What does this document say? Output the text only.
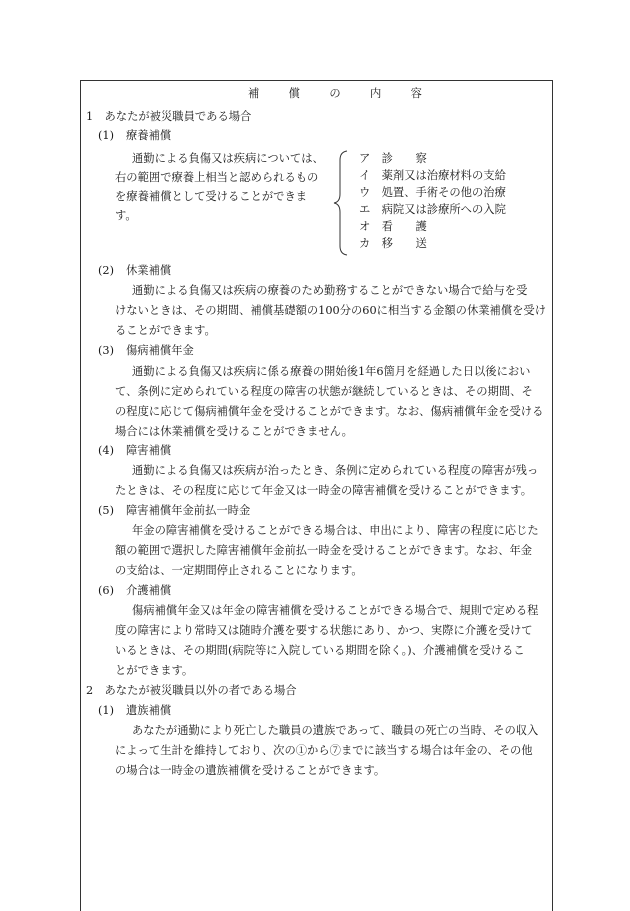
補　　償　　の　　内　　容
1　あなたが被災職員である場合
(1) 療養補償
通勤による負傷又は疾病については、
右の範囲で療養上相当と認められるもの
を療養補償として受けることができま
す。
ア　診　　察
イ　薬剤又は治療材料の支給
ウ　処置、手術その他の治療
エ　病院又は診療所への入院
オ　看　　護
カ　移　　送
(2) 休業補償
通勤による負傷又は疾病の療養のため勤務することができない場合で給与を受
けないときは、その期間、補償基礎額の100分の60に相当する金額の休業補償を受け
ることができます。
(3) 傷病補償年金
通勤による負傷又は疾病に係る療養の開始後1年6箇月を経過した日以後におい
て、条例に定められている程度の障害の状態が継続しているときは、その期間、そ
の程度に応じて傷病補償年金を受けることができます。なお、傷病補償年金を受ける
場合には休業補償を受けることができません。
(4) 障害補償
通勤による負傷又は疾病が治ったとき、条例に定められている程度の障害が残っ
たときは、その程度に応じて年金又は一時金の障害補償を受けることができます。
(5) 障害補償年金前払一時金
年金の障害補償を受けることができる場合は、申出により、障害の程度に応じた
額の範囲で選択した障害補償年金前払一時金を受けることができます。なお、年金
の支給は、一定期間停止されることになります。
(6) 介護補償
傷病補償年金又は年金の障害補償を受けることができる場合で、規則で定める程
度の障害により常時又は随時介護を要する状態にあり、かつ、実際に介護を受けて
いるときは、その期間(病院等に入院している期間を除く。)、介護補償を受けるこ
とができます。
2　あなたが被災職員以外の者である場合
(1) 遺族補償
あなたが通勤により死亡した職員の遺族であって、職員の死亡の当時、その収入
によって生計を維持しており、次の①から⑦までに該当する場合は年金の、その他
の場合は一時金の遺族補償を受けることができます。
